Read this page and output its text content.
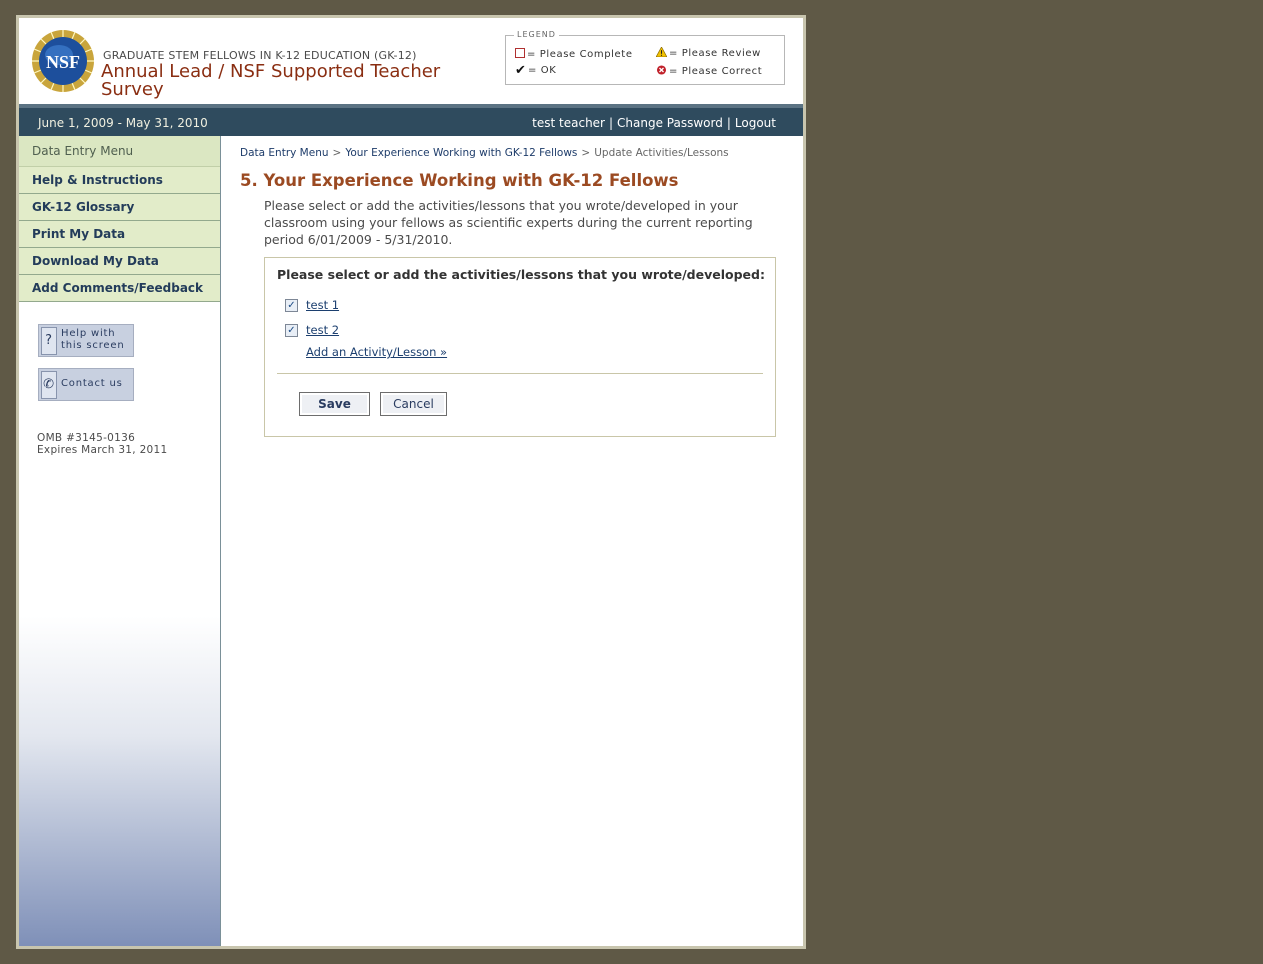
NSF GRADUATE STEM FELLOWS IN K-12 EDUCATION (GK-12)
Annual Lead / NSF Supported Teacher Survey
LEGEND
= Please Complete	= Please Review
✔ = OK	= Please Correct
June 1, 2009 - May 31, 2010	test teacher | Change Password | Logout
Data Entry Menu
Help & Instructions
GK-12 Glossary
Print My Data
Download My Data
Add Comments/Feedback
? Help with
this screen
✆ Contact us
OMB #3145-0136
Expires March 31, 2011
Data Entry Menu > Your Experience Working with GK-12 Fellows > Update Activities/Lessons
5. Your Experience Working with GK-12 Fellows
Please select or add the activities/lessons that you wrote/developed in your classroom using your fellows as scientific experts during the current reporting period 6/01/2009 - 5/31/2010.
Please select or add the activities/lessons that you wrote/developed:
✓ test 1
✓ test 2
Add an Activity/Lesson »
Save	Cancel
